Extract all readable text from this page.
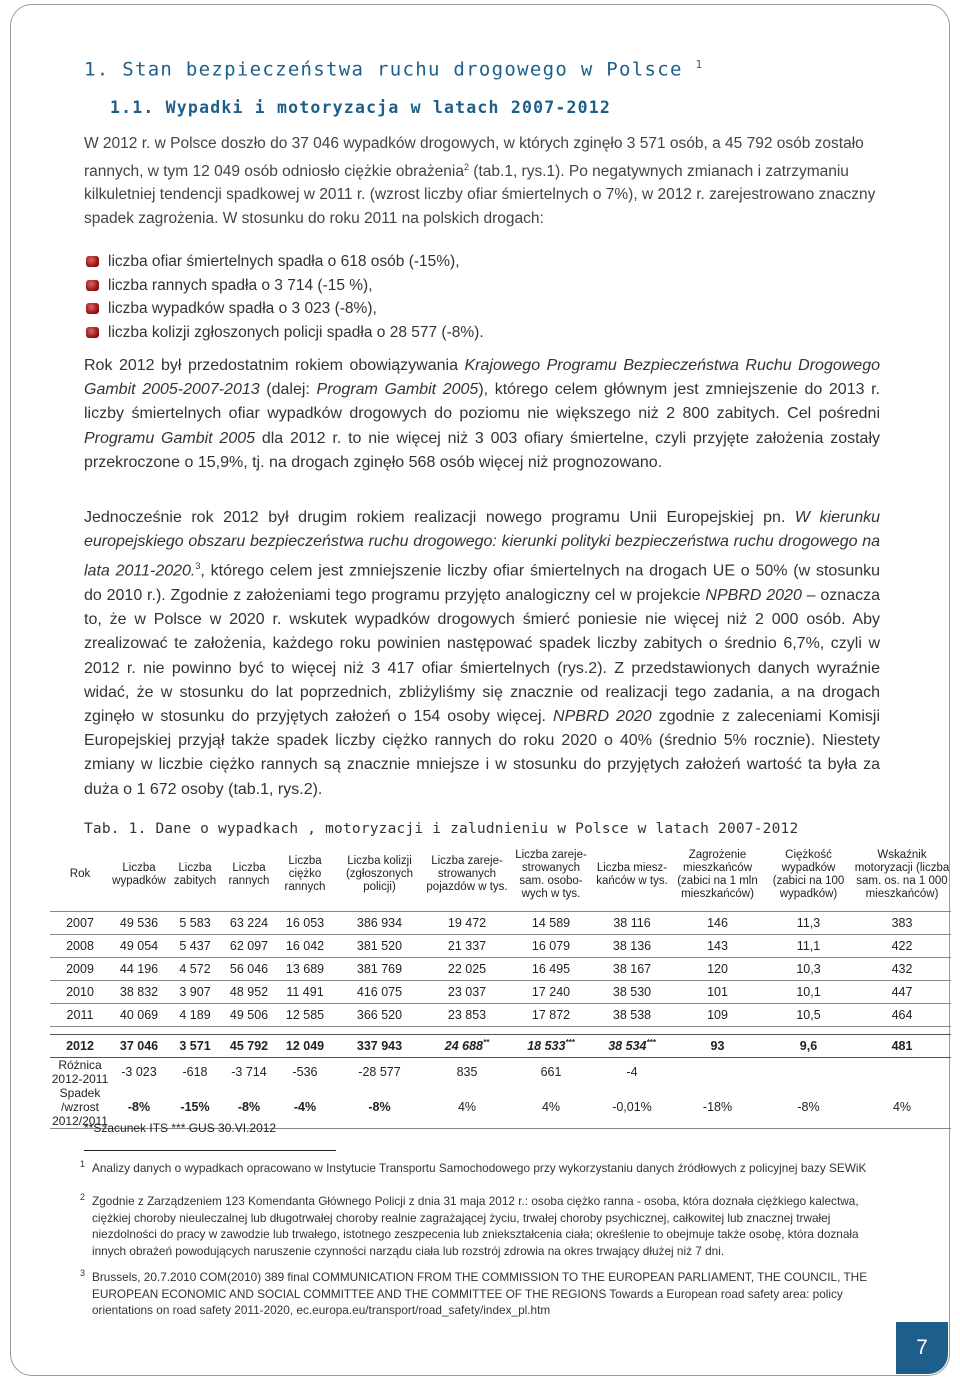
1. Stan bezpieczeństwa ruchu drogowego w Polsce $^1$
1.1. Wypadki i motoryzacja w latach 2007-2012

W 2012 r. w Polsce doszło do 37 046 wypadków drogowych, w których zginęło 3 571 osób, a 45 792 osób zostało rannych, w tym 12 049 osób odniosło ciężkie obrażenia$^2$ (tab.1, rys.1). Po negatywnych zmianach i zatrzymaniu kilkuletniej tendencji spadkowej w 2011 r. (wzrost liczby ofiar śmiertelnych o 7%), w 2012 r. zarejestrowano znaczny spadek zagrożenia. W stosunku do roku 2011 na polskich drogach:

liczba ofiar śmiertelnych spadła o 618 osób (-15%),
liczba rannych spadła o 3 714 (-15 %),
liczba wypadków spadła o 3 023 (-8%),
liczba kolizji zgłoszonych policji spadła o 28 577 (-8%).

Rok 2012 był przedostatnim rokiem obowiązywania Krajowego Programu Bezpieczeństwa Ruchu Drogowego Gambit 2005-2007-2013 (dalej: Program Gambit 2005), którego celem głównym jest zmniejszenie do 2013 r. liczby śmiertelnych ofiar wypadków drogowych do poziomu nie większego niż 2 800 zabitych. Cel pośredni Programu Gambit 2005 dla 2012 r. to nie więcej niż 3 003 ofiary śmiertelne, czyli przyjęte założenia zostały przekroczone o 15,9%, tj. na drogach zginęło 568 osób więcej niż prognozowano.

Jednocześnie rok 2012 był drugim rokiem realizacji nowego programu Unii Europejskiej pn. W kierunku europejskiego obszaru bezpieczeństwa ruchu drogowego: kierunki polityki bezpieczeństwa ruchu drogowego na lata 2011-2020.$^3$, którego celem jest zmniejszenie liczby ofiar śmiertelnych na drogach UE o 50% (w stosunku do 2010 r.). Zgodnie z założeniami tego programu przyjęto analogiczny cel w projekcie NPBRD 2020 – oznacza to, że w Polsce w 2020 r. wskutek wypadków drogowych śmierć poniesie nie więcej niż 2 000 osób. Aby zrealizować te założenia, każdego roku powinien następować spadek liczby zabitych o średnio 6,7%, czyli w 2012 r. nie powinno być to więcej niż 3 417 ofiar śmiertelnych (rys.2). Z przedstawionych danych wyraźnie widać, że w stosunku do lat poprzednich, zbliżyliśmy się znacznie od realizacji tego zadania, a na drogach zginęło w stosunku do przyjętych założeń o 154 osoby więcej. NPBRD 2020 zgodnie z zaleceniami Komisji Europejskiej przyjął także spadek liczby ciężko rannych do roku 2020 o 40% (średnio 5% rocznie). Niestety zmiany w liczbie ciężko rannych są znacznie mniejsze i w stosunku do przyjętych założeń wartość ta była za duża o 1 672 osoby (tab.1, rys.2).

Tab. 1. Dane o wypadkach , motoryzacji i zaludnieniu w Polsce w latach 2007-2012
Rok	Liczba wypadków	Liczba zabitych	Liczba rannych	Liczba ciężko rannych	Liczba kolizji (zgłoszonych policji)	Liczba zareje-strowanych pojazdów w tys.	Liczba zareje-strowanych sam. osobo-wych w tys.	Liczba miesz-kańców w tys.	Zagrożenie mieszkańców (zabici na 1 mln mieszkańców)	Ciężkość wypadków (zabici na 100 wypadków)	Wskaźnik motoryzacji (liczba sam. os. na 1 000 mieszkańców)
2007	49 536	5 583	63 224	16 053	386 934	19 472	14 589	38 116	146	11,3	383
2008	49 054	5 437	62 097	16 042	381 520	21 337	16 079	38 136	143	11,1	422
2009	44 196	4 572	56 046	13 689	381 769	22 025	16 495	38 167	120	10,3	432
2010	38 832	3 907	48 952	11 491	416 075	23 037	17 240	38 530	101	10,1	447
2011	40 069	4 189	49 506	12 585	366 520	23 853	17 872	38 538	109	10,5	464

2012	37 046	3 571	45 792	12 049	337 943	24 688**	18 533***	38 534***	93	9,6	481
Różnica 2012-2011	-3 023	-618	-3 714	-536	-28 577	835	661	-4			
Spadek /wzrost 2012/2011	-8%	-15%	-8%	-4%	-8%	4%	4%	-0,01%	-18%	-8%	4%
**Szacunek ITS *** GUS 30.VI.2012
1 Analizy danych o wypadkach opracowano w Instytucie Transportu Samochodowego przy wykorzystaniu danych źródłowych z policyjnej bazy SEWiK
2 Zgodnie z Zarządzeniem 123 Komendanta Głównego Policji z dnia 31 maja 2012 r.: osoba ciężko ranna - osoba, która doznała ciężkiego kalectwa, ciężkiej choroby nieuleczalnej lub długotrwałej choroby realnie zagrażającej życiu, trwałej choroby psychicznej, całkowitej lub znacznej trwałej niezdolności do pracy w zawodzie lub trwałego, istotnego zeszpecenia lub zniekształcenia ciała; określenie to obejmuje także osobę, która doznała innych obrażeń powodujących naruszenie czynności narządu ciała lub rozstrój zdrowia na okres trwający dłużej niż 7 dni.
3 Brussels, 20.7.2010 COM(2010) 389 final COMMUNICATION FROM THE COMMISSION TO THE EUROPEAN PARLIAMENT, THE COUNCIL, THE EUROPEAN ECONOMIC AND SOCIAL COMMITTEE AND THE COMMITTEE OF THE REGIONS Towards a European road safety area: policy orientations on road safety 2011-2020, ec.europa.eu/transport/road_safety/index_pl.htm
7
